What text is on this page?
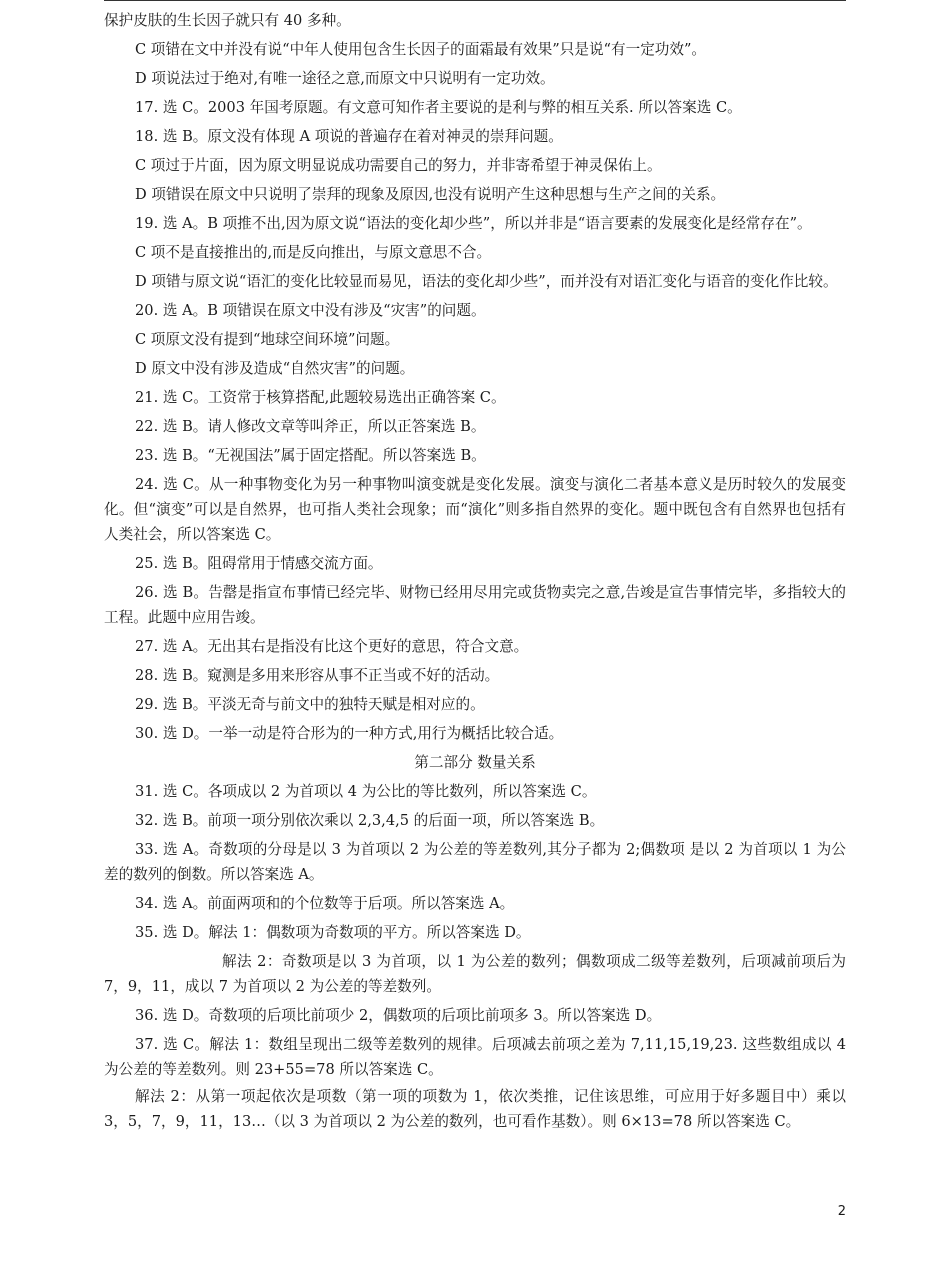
保护皮肤的生长因子就只有 40 多种。

C 项错在文中并没有说“中年人使用包含生长因子的面霜最有效果”只是说“有一定功效”。

D 项说法过于绝对,有唯一途径之意,而原文中只说明有一定功效。

17. 选 C。2003 年国考原题。有文意可知作者主要说的是利与弊的相互关系. 所以答案选 C。

18. 选 B。原文没有体现 A 项说的普遍存在着对神灵的崇拜问题。

C 项过于片面，因为原文明显说成功需要自己的努力，并非寄希望于神灵保佑上。

D 项错误在原文中只说明了崇拜的现象及原因,也没有说明产生这种思想与生产之间的关系。

19. 选 A。B 项推不出,因为原文说“语法的变化却少些”，所以并非是“语言要素的发展变化是经常存在”。

C 项不是直接推出的,而是反向推出，与原文意思不合。

D 项错与原文说“语汇的变化比较显而易见，语法的变化却少些”，而并没有对语汇变化与语音的变化作比较。

20. 选 A。B 项错误在原文中没有涉及“灾害”的问题。

C 项原文没有提到“地球空间环境”问题。

D 原文中没有涉及造成“自然灾害”的问题。

21. 选 C。工资常于核算搭配,此题较易选出正确答案 C。

22. 选 B。请人修改文章等叫斧正，所以正答案选 B。

23. 选 B。“无视国法”属于固定搭配。所以答案选 B。

24. 选 C。从一种事物变化为另一种事物叫演变就是变化发展。演变与演化二者基本意义是历时较久的发展变化。但“演变”可以是自然界，也可指人类社会现象；而“演化”则多指自然界的变化。题中既包含有自然界也包括有人类社会，所以答案选 C。

25. 选 B。阻碍常用于情感交流方面。

26. 选 B。告罄是指宣布事情已经完毕、财物已经用尽用完或货物卖完之意,告竣是宣告事情完毕，多指较大的工程。此题中应用告竣。

27. 选 A。无出其右是指没有比这个更好的意思，符合文意。

28. 选 B。窥测是多用来形容从事不正当或不好的活动。

29. 选 B。平淡无奇与前文中的独特天赋是相对应的。

30. 选 D。一举一动是符合形为的一种方式,用行为概括比较合适。

第二部分 数量关系

31. 选 C。各项成以 2 为首项以 4 为公比的等比数列，所以答案选 C。

32. 选 B。前项一项分别依次乘以 2,3,4,5 的后面一项，所以答案选 B。

33. 选 A。奇数项的分母是以 3 为首项以 2 为公差的等差数列,其分子都为 2;偶数项 是以 2 为首项以 1 为公差的数列的倒数。所以答案选 A。

34. 选 A。前面两项和的个位数等于后项。所以答案选 A。

35. 选 D。解法 1：偶数项为奇数项的平方。所以答案选 D。

解法 2：奇数项是以 3 为首项，以 1 为公差的数列；偶数项成二级等差数列，后项减前项后为 7，9，11，成以 7 为首项以 2 为公差的等差数列。

36. 选 D。奇数项的后项比前项少 2，偶数项的后项比前项多 3。所以答案选 D。

37. 选 C。解法 1：数组呈现出二级等差数列的规律。后项减去前项之差为 7,11,15,19,23. 这些数组成以 4 为公差的等差数列。则 23+55=78 所以答案选 C。

解法 2：从第一项起依次是项数（第一项的项数为 1，依次类推，记住该思维，可应用于好多题目中）乘以 3，5，7，9，11，13…（以 3 为首项以 2 为公差的数列，也可看作基数）。则 6×13=78 所以答案选 C。

2
